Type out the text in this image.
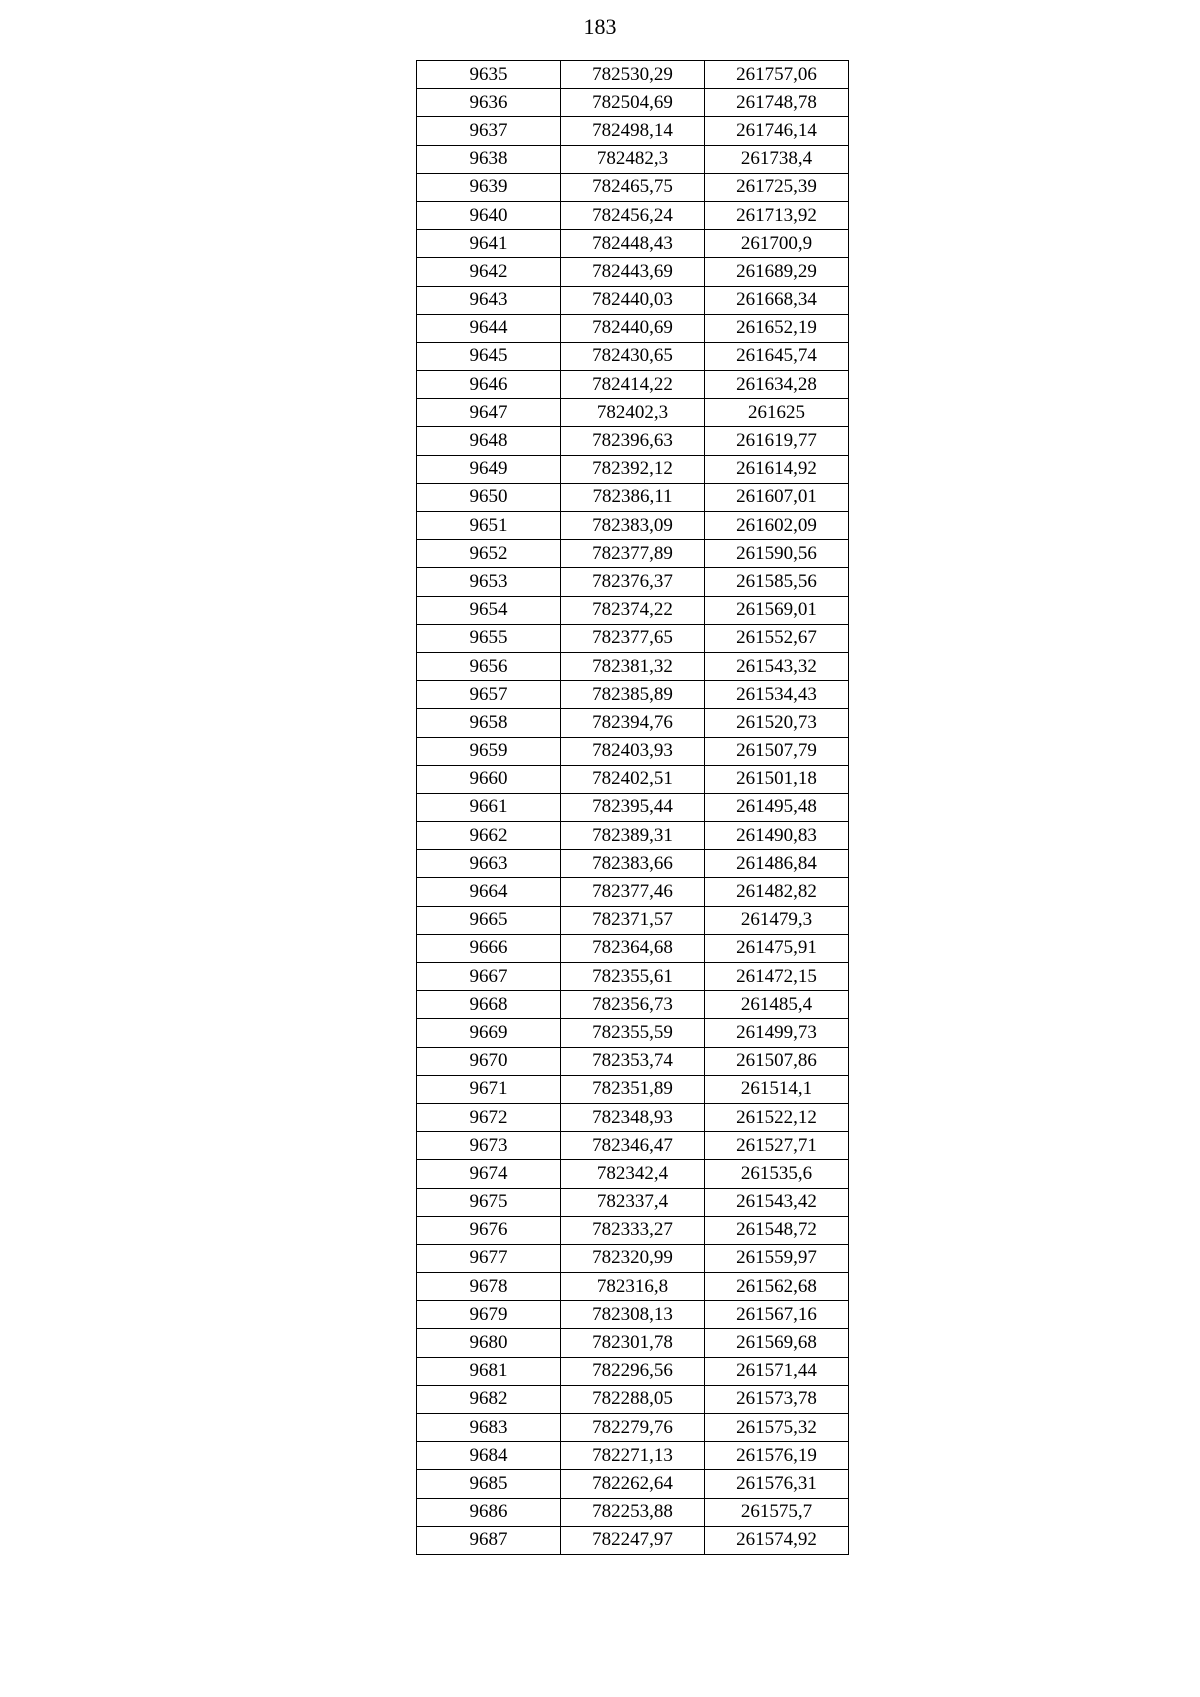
183
9635	782530,29	261757,06
9636	782504,69	261748,78
9637	782498,14	261746,14
9638	782482,3	261738,4
9639	782465,75	261725,39
9640	782456,24	261713,92
9641	782448,43	261700,9
9642	782443,69	261689,29
9643	782440,03	261668,34
9644	782440,69	261652,19
9645	782430,65	261645,74
9646	782414,22	261634,28
9647	782402,3	261625
9648	782396,63	261619,77
9649	782392,12	261614,92
9650	782386,11	261607,01
9651	782383,09	261602,09
9652	782377,89	261590,56
9653	782376,37	261585,56
9654	782374,22	261569,01
9655	782377,65	261552,67
9656	782381,32	261543,32
9657	782385,89	261534,43
9658	782394,76	261520,73
9659	782403,93	261507,79
9660	782402,51	261501,18
9661	782395,44	261495,48
9662	782389,31	261490,83
9663	782383,66	261486,84
9664	782377,46	261482,82
9665	782371,57	261479,3
9666	782364,68	261475,91
9667	782355,61	261472,15
9668	782356,73	261485,4
9669	782355,59	261499,73
9670	782353,74	261507,86
9671	782351,89	261514,1
9672	782348,93	261522,12
9673	782346,47	261527,71
9674	782342,4	261535,6
9675	782337,4	261543,42
9676	782333,27	261548,72
9677	782320,99	261559,97
9678	782316,8	261562,68
9679	782308,13	261567,16
9680	782301,78	261569,68
9681	782296,56	261571,44
9682	782288,05	261573,78
9683	782279,76	261575,32
9684	782271,13	261576,19
9685	782262,64	261576,31
9686	782253,88	261575,7
9687	782247,97	261574,92
